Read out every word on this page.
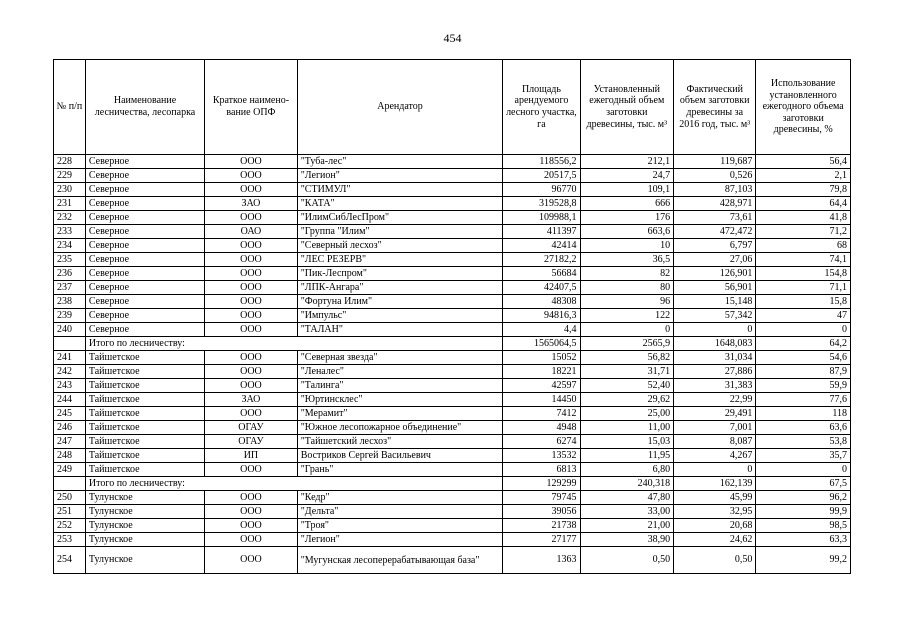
454
№ п/п	Наименование лесничества, лесопарка	Краткое наимено-вание ОПФ	Арендатор	Площадь арендуемого лесного участка, га	Установленный ежегодный объем заготовки древесины, тыс. м³	Фактический объем заготовки древесины за 2016 год, тыс. м³	Использование установленного ежегодного объема заготовки древесины, %
228	Северное	ООО	"Туба-лес"	118556,2	212,1	119,687	56,4
229	Северное	ООО	"Легион"	20517,5	24,7	0,526	2,1
230	Северное	ООО	"СТИМУЛ"	96770	109,1	87,103	79,8
231	Северное	ЗАО	"КАТА"	319528,8	666	428,971	64,4
232	Северное	ООО	"ИлимСибЛесПром"	109988,1	176	73,61	41,8
233	Северное	ОАО	"Группа "Илим"	411397	663,6	472,472	71,2
234	Северное	ООО	"Северный лесхоз"	42414	10	6,797	68
235	Северное	ООО	"ЛЕС РЕЗЕРВ"	27182,2	36,5	27,06	74,1
236	Северное	ООО	"Пик-Леспром"	56684	82	126,901	154,8
237	Северное	ООО	"ЛПК-Ангара"	42407,5	80	56,901	71,1
238	Северное	ООО	"Фортуна Илим"	48308	96	15,148	15,8
239	Северное	ООО	"Импульс"	94816,3	122	57,342	47
240	Северное	ООО	"ТАЛАН"	4,4	0	0	0
	Итого по лесничеству:			1565064,5	2565,9	1648,083	64,2
241	Тайшетское	ООО	"Северная звезда"	15052	56,82	31,034	54,6
242	Тайшетское	ООО	"Леналес"	18221	31,71	27,886	87,9
243	Тайшетское	ООО	"Талинга"	42597	52,40	31,383	59,9
244	Тайшетское	ЗАО	"Юртинсклес"	14450	29,62	22,99	77,6
245	Тайшетское	ООО	"Мерамит"	7412	25,00	29,491	118
246	Тайшетское	ОГАУ	"Южное лесопожарное объединение"	4948	11,00	7,001	63,6
247	Тайшетское	ОГАУ	"Тайшетский лесхоз"	6274	15,03	8,087	53,8
248	Тайшетское	ИП	Востриков Сергей Васильевич	13532	11,95	4,267	35,7
249	Тайшетское	ООО	"Грань"	6813	6,80	0	0
	Итого по лесничеству:			129299	240,318	162,139	67,5
250	Тулунское	ООО	"Кедр"	79745	47,80	45,99	96,2
251	Тулунское	ООО	"Дельта"	39056	33,00	32,95	99,9
252	Тулунское	ООО	"Троя"	21738	21,00	20,68	98,5
253	Тулунское	ООО	"Легион"	27177	38,90	24,62	63,3
254	Тулунское	ООО	"Мугунская лесоперерабатывающая база"	1363	0,50	0,50	99,2
